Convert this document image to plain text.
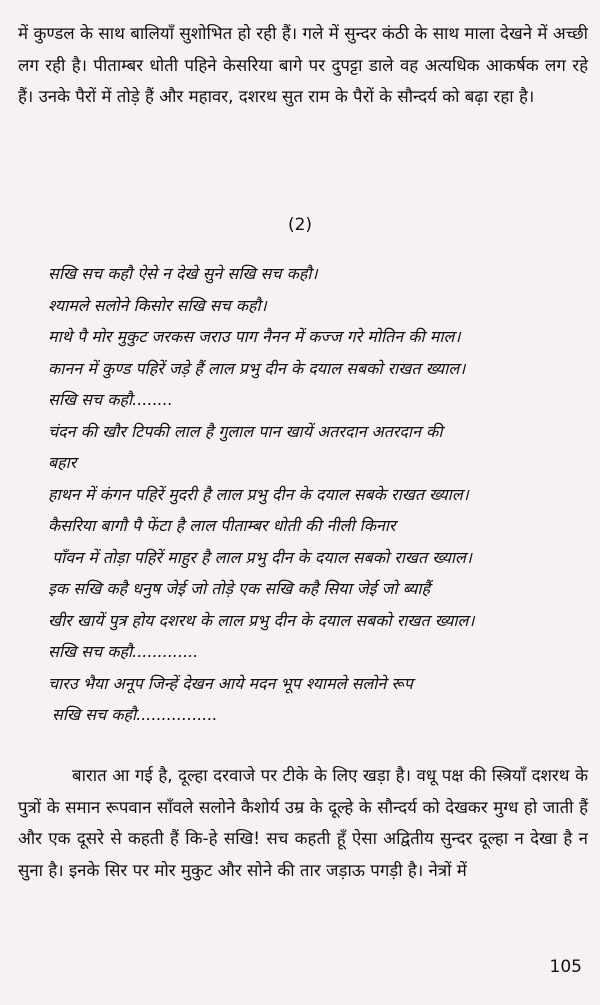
में कुण्डल के साथ बालियाँ सुशोभित हो रही हैं। गले में सुन्दर कंठी के साथ माला देखने में अच्छी लग रही है। पीताम्बर धोती पहिने केसरिया बागे पर दुपट्टा डाले वह अत्यधिक आकर्षक लग रहे हैं। उनके पैरों में तोड़े हैं और महावर, दशरथ सुत राम के पैरों के सौन्दर्य को बढ़ा रहा है।

(2)

सखि सच कहौ ऐसे न देखे सुने सखि सच कहौ।
श्यामले सलोने किसोर सखि सच कहौ।
माथे पै मोर मुकुट जरकस जराउ पाग नैनन में कज्ज गरे मोतिन की माल।
कानन में कुण्ड पहिरें जड़े हैं लाल प्रभु दीन के दयाल सबको राखत ख्याल।
सखि सच कहौ........
चंदन की खौर टिपकी लाल है गुलाल पान खायें अतरदान अतरदान की
बहार
हाथन में कंगन पहिरें मुदरी है लाल प्रभु दीन के दयाल सबके राखत ख्याल।
कैसरिया बागौ पै फेंटा है लाल पीताम्बर धोती की नीली किनार
पाँवन में तोड़ा पहिरें माहुर है लाल प्रभु दीन के दयाल सबको राखत ख्याल।
इक सखि कहै धनुष जेई जो तोड़े एक सखि कहै सिया जेई जो ब्याहैं
खीर खायें पुत्र होय दशरथ के लाल प्रभु दीन के दयाल सबको राखत ख्याल।
सखि सच कहौ.............
चारउ भैया अनूप जिन्हें देखन आये मदन भूप श्यामले सलोने रूप
सखि सच कहौ................

बारात आ गई है, दूल्हा दरवाजे पर टीके के लिए खड़ा है। वधू पक्ष की स्त्रियाँ दशरथ के पुत्रों के समान रूपवान साँवले सलोने कैशोर्य उम्र के दूल्हे के सौन्दर्य को देखकर मुग्ध हो जाती हैं और एक दूसरे से कहती हैं कि-हे सखि! सच कहती हूँ ऐसा अद्वितीय सुन्दर दूल्हा न देखा है न सुना है। इनके सिर पर मोर मुकुट और सोने की तार जड़ाऊ पगड़ी है। नेत्रों में

105
